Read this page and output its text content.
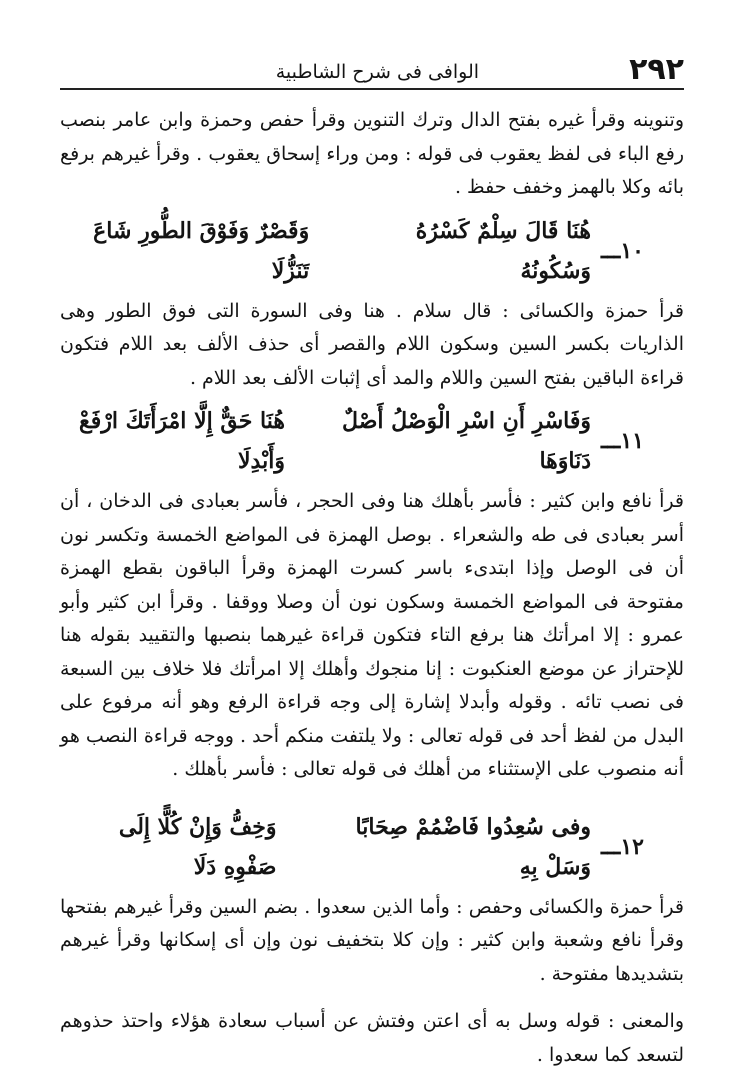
٢٩٢
الوافى فى شرح الشاطبية

وتنوينه وقرأ غيره بفتح الدال وترك التنوين وقرأ حفص وحمزة وابن عامر بنصب رفع الباء فى لفظ يعقوب فى قوله : ومن وراء إسحاق يعقوب . وقرأ غيرهم برفع بائه وكلا بالهمز وخفف حفظ .

١٠ـــ
هُنَا قَالَ سِلْمٌ كَسْرُهُ وَسُكُونُهُ
وَقَصْرٌ وَفَوْقَ الطُّورِ شَاعَ تَنَزُّلَا

قرأ حمزة والكسائى : قال سلام . هنا وفى السورة التى فوق الطور وهى الذاريات بكسر السين وسكون اللام والقصر أى حذف الألف بعد اللام فتكون قراءة الباقين بفتح السين واللام والمد أى إثبات الألف بعد اللام .

١١ـــ
وَفَاسْرِ أَنِ اسْرِ الْوَصْلُ أَصْلٌ دَنَاوَهَا
هُنَا حَقٌّ إِلَّا امْرَأَتَكَ ارْفَعْ وَأَبْدِلَا

قرأ نافع وابن كثير : فأسر بأهلك هنا وفى الحجر ، فأسر بعبادى فى الدخان ، أن أسر بعبادى فى طه والشعراء . بوصل الهمزة فى المواضع الخمسة وتكسر نون أن فى الوصل وإذا ابتدىء باسر كسرت الهمزة وقرأ الباقون بقطع الهمزة مفتوحة فى المواضع الخمسة وسكون نون أن وصلا ووقفا . وقرأ ابن كثير وأبو عمرو : إلا امرأتك هنا برفع التاء فتكون قراءة غيرهما بنصبها والتقييد بقوله هنا للإحتراز عن موضع العنكبوت : إنا منجوك وأهلك إلا امرأتك فلا خلاف بين السبعة فى نصب تائه . وقوله وأبدلا إشارة إلى وجه قراءة الرفع وهو أنه مرفوع على البدل من لفظ أحد فى قوله تعالى : ولا يلتفت منكم أحد . ووجه قراءة النصب هو أنه منصوب على الإستثناء من أهلك فى قوله تعالى : فأسر بأهلك .

١٢ـــ
وفى سُعِدُوا فَاضْمُمْ صِحَابًا وَسَلْ بِهِ
وَخِفُّ وَإِنْ كُلًّا إِلَى صَفْوِهِ دَلَا

قرأ حمزة والكسائى وحفص : وأما الذين سعدوا . بضم السين وقرأ غيرهم بفتحها وقرأ نافع وشعبة وابن كثير : وإن كلا بتخفيف نون وإن أى إسكانها وقرأ غيرهم بتشديدها مفتوحة .

والمعنى : قوله وسل به أى اعتن وفتش عن أسباب سعادة هؤلاء واحتذ حذوهم لتسعد كما سعدوا .
